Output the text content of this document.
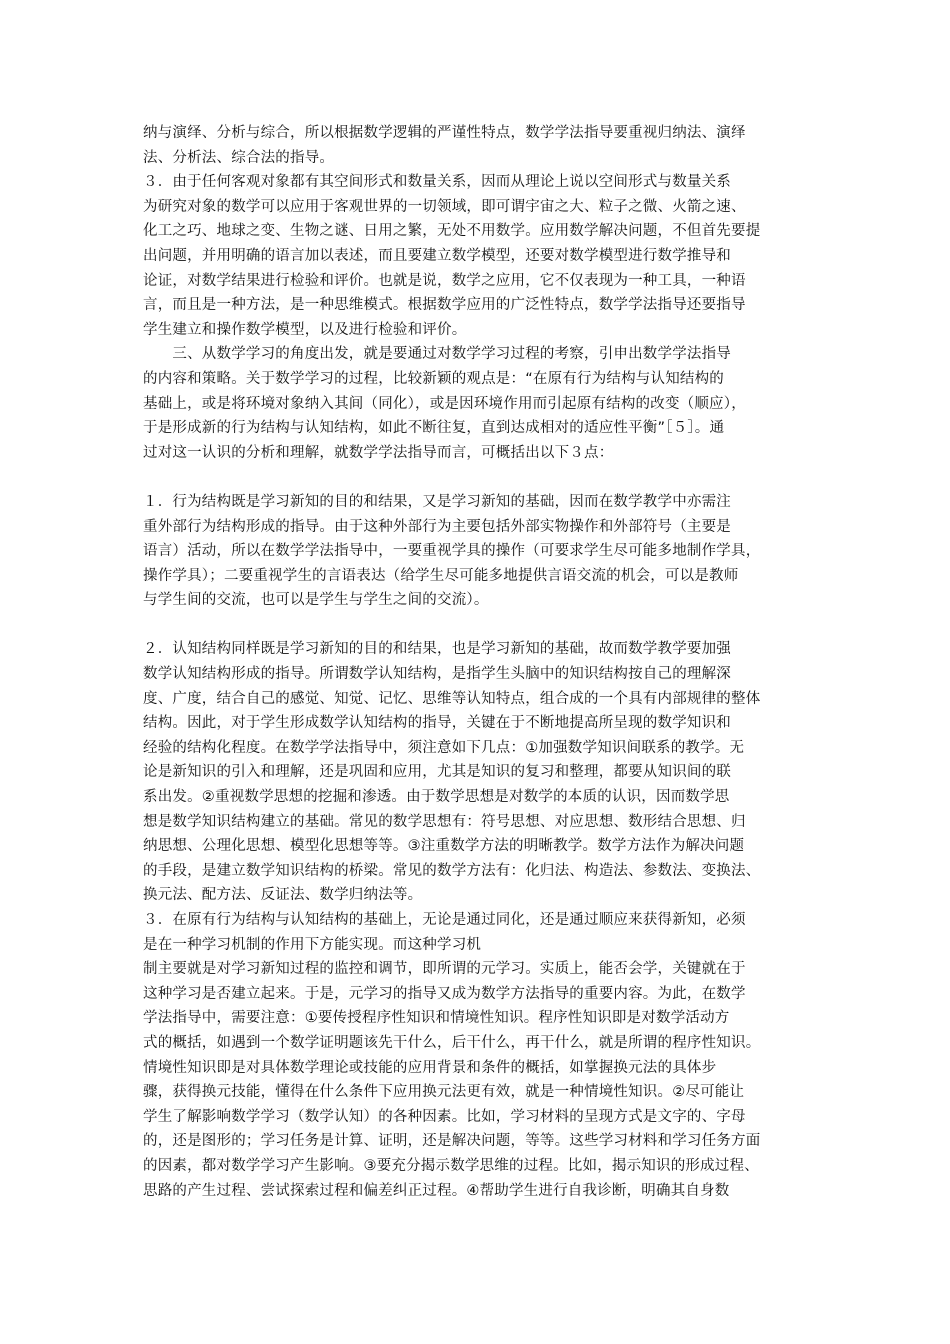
纳与演绎、分析与综合，所以根据数学逻辑的严谨性特点，数学学法指导要重视归纳法、演绎
法、分析法、综合法的指导。
３．由于任何客观对象都有其空间形式和数量关系，因而从理论上说以空间形式与数量关系
为研究对象的数学可以应用于客观世界的一切领域，即可谓宇宙之大、粒子之微、火箭之速、
化工之巧、地球之变、生物之谜、日用之繁，无处不用数学。应用数学解决问题，不但首先要提
出问题，并用明确的语言加以表述，而且要建立数学模型，还要对数学模型进行数学推导和
论证，对数学结果进行检验和评价。也就是说，数学之应用，它不仅表现为一种工具，一种语
言，而且是一种方法，是一种思维模式。根据数学应用的广泛性特点，数学学法指导还要指导
学生建立和操作数学模型，以及进行检验和评价。
　　三、从数学学习的角度出发，就是要通过对数学学习过程的考察，引申出数学学法指导
的内容和策略。关于数学学习的过程，比较新颖的观点是：“在原有行为结构与认知结构的
基础上，或是将环境对象纳入其间（同化），或是因环境作用而引起原有结构的改变（顺应），
于是形成新的行为结构与认知结构，如此不断往复，直到达成相对的适应性平衡”［５］。通
过对这一认识的分析和理解，就数学学法指导而言，可概括出以下３点：
１．行为结构既是学习新知的目的和结果，又是学习新知的基础，因而在数学教学中亦需注
重外部行为结构形成的指导。由于这种外部行为主要包括外部实物操作和外部符号（主要是
语言）活动，所以在数学学法指导中，一要重视学具的操作（可要求学生尽可能多地制作学具，
操作学具）；二要重视学生的言语表达（给学生尽可能多地提供言语交流的机会，可以是教师
与学生间的交流，也可以是学生与学生之间的交流）。
２．认知结构同样既是学习新知的目的和结果，也是学习新知的基础，故而数学教学要加强
数学认知结构形成的指导。所谓数学认知结构，是指学生头脑中的知识结构按自己的理解深
度、广度，结合自己的感觉、知觉、记忆、思维等认知特点，组合成的一个具有内部规律的整体
结构。因此，对于学生形成数学认知结构的指导，关键在于不断地提高所呈现的数学知识和
经验的结构化程度。在数学学法指导中，须注意如下几点：①加强数学知识间联系的教学。无
论是新知识的引入和理解，还是巩固和应用，尤其是知识的复习和整理，都要从知识间的联
系出发。②重视数学思想的挖掘和渗透。由于数学思想是对数学的本质的认识，因而数学思
想是数学知识结构建立的基础。常见的数学思想有：符号思想、对应思想、数形结合思想、归
纳思想、公理化思想、模型化思想等等。③注重数学方法的明晰教学。数学方法作为解决问题
的手段，是建立数学知识结构的桥梁。常见的数学方法有：化归法、构造法、参数法、变换法、
换元法、配方法、反证法、数学归纳法等。
３．在原有行为结构与认知结构的基础上，无论是通过同化，还是通过顺应来获得新知，必须
是在一种学习机制的作用下方能实现。而这种学习机
制主要就是对学习新知过程的监控和调节，即所谓的元学习。实质上，能否会学，关键就在于
这种学习是否建立起来。于是，元学习的指导又成为数学方法指导的重要内容。为此，在数学
学法指导中，需要注意：①要传授程序性知识和情境性知识。程序性知识即是对数学活动方
式的概括，如遇到一个数学证明题该先干什么，后干什么，再干什么，就是所谓的程序性知识。
情境性知识即是对具体数学理论或技能的应用背景和条件的概括，如掌握换元法的具体步
骤，获得换元技能，懂得在什么条件下应用换元法更有效，就是一种情境性知识。②尽可能让
学生了解影响数学学习（数学认知）的各种因素。比如，学习材料的呈现方式是文字的、字母
的，还是图形的；学习任务是计算、证明，还是解决问题，等等。这些学习材料和学习任务方面
的因素，都对数学学习产生影响。③要充分揭示数学思维的过程。比如，揭示知识的形成过程、
思路的产生过程、尝试探索过程和偏差纠正过程。④帮助学生进行自我诊断，明确其自身数
